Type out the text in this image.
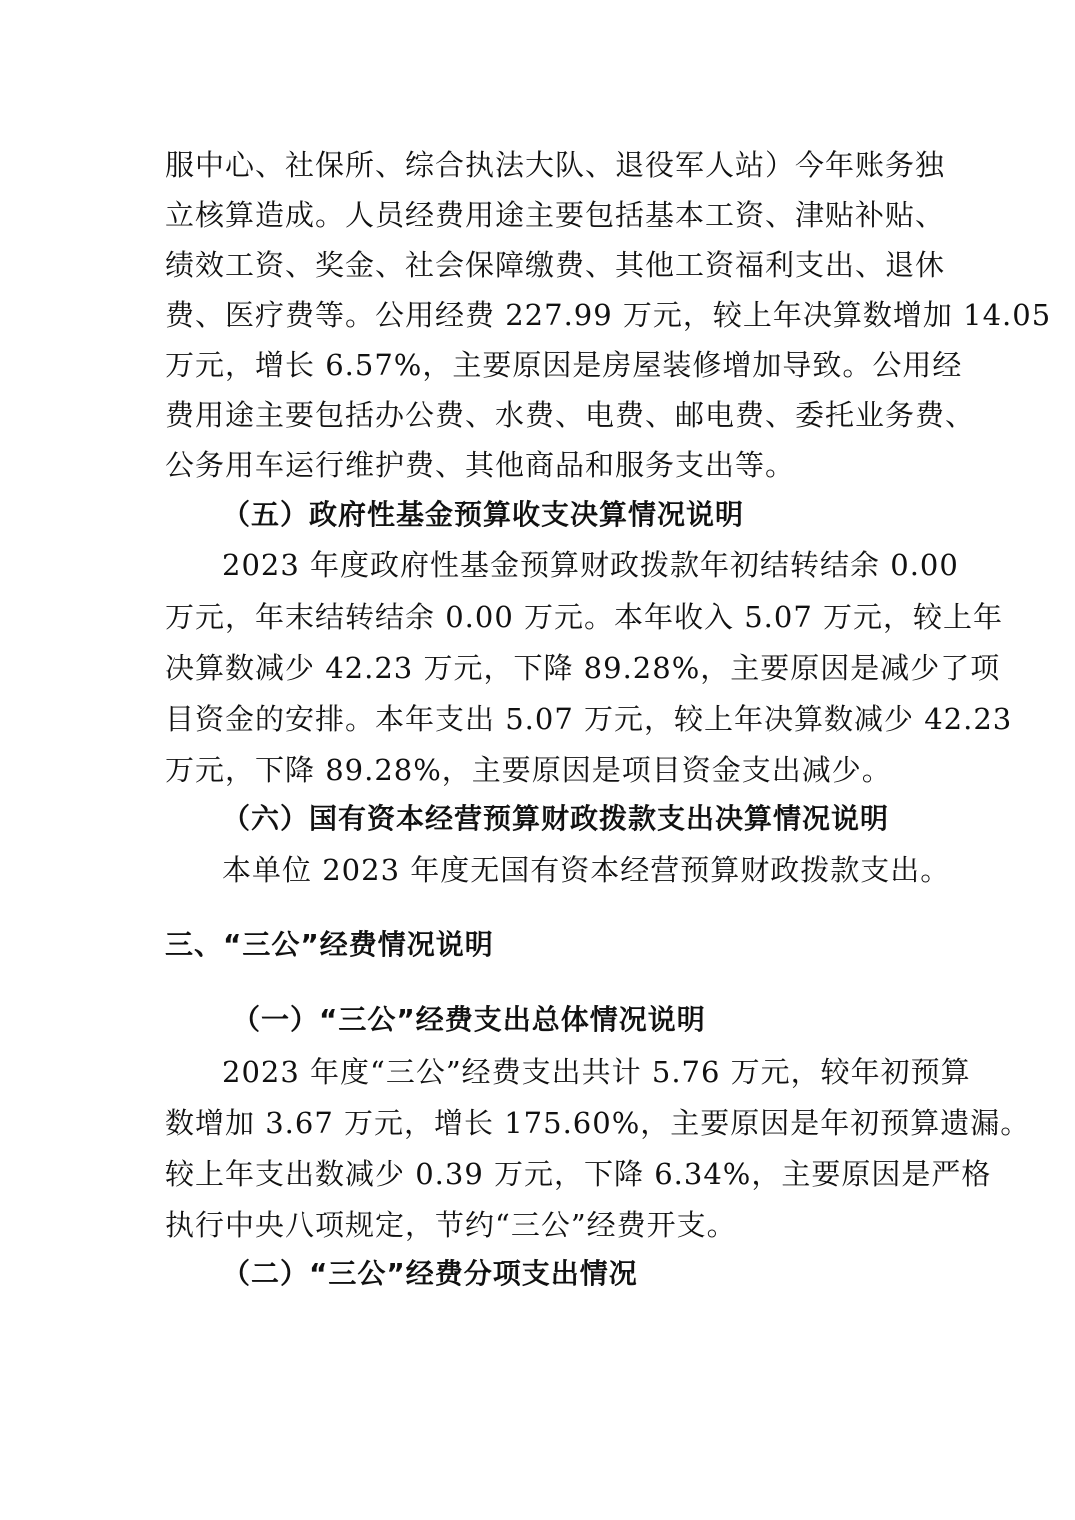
服中心、社保所、综合执法大队、退役军人站）今年账务独
立核算造成。人员经费用途主要包括基本工资、津贴补贴、
绩效工资、奖金、社会保障缴费、其他工资福利支出、退休
费、医疗费等。公用经费 227.99 万元，较上年决算数增加 14.05
万元，增长 6.57%，主要原因是房屋装修增加导致。公用经
费用途主要包括办公费、水费、电费、邮电费、委托业务费、
公务用车运行维护费、其他商品和服务支出等。
（五）政府性基金预算收支决算情况说明
2023 年度政府性基金预算财政拨款年初结转结余 0.00
万元，年末结转结余 0.00 万元。本年收入 5.07 万元，较上年
决算数减少 42.23 万元，下降 89.28%，主要原因是减少了项
目资金的安排。本年支出 5.07 万元，较上年决算数减少 42.23
万元，下降 89.28%，主要原因是项目资金支出减少。
（六）国有资本经营预算财政拨款支出决算情况说明
本单位 2023 年度无国有资本经营预算财政拨款支出。
三、“三公”经费情况说明
（一）“三公”经费支出总体情况说明
2023 年度“三公”经费支出共计 5.76 万元，较年初预算
数增加 3.67 万元，增长 175.60%，主要原因是年初预算遗漏。
较上年支出数减少 0.39 万元，下降 6.34%，主要原因是严格
执行中央八项规定，节约“三公”经费开支。
（二）“三公”经费分项支出情况
